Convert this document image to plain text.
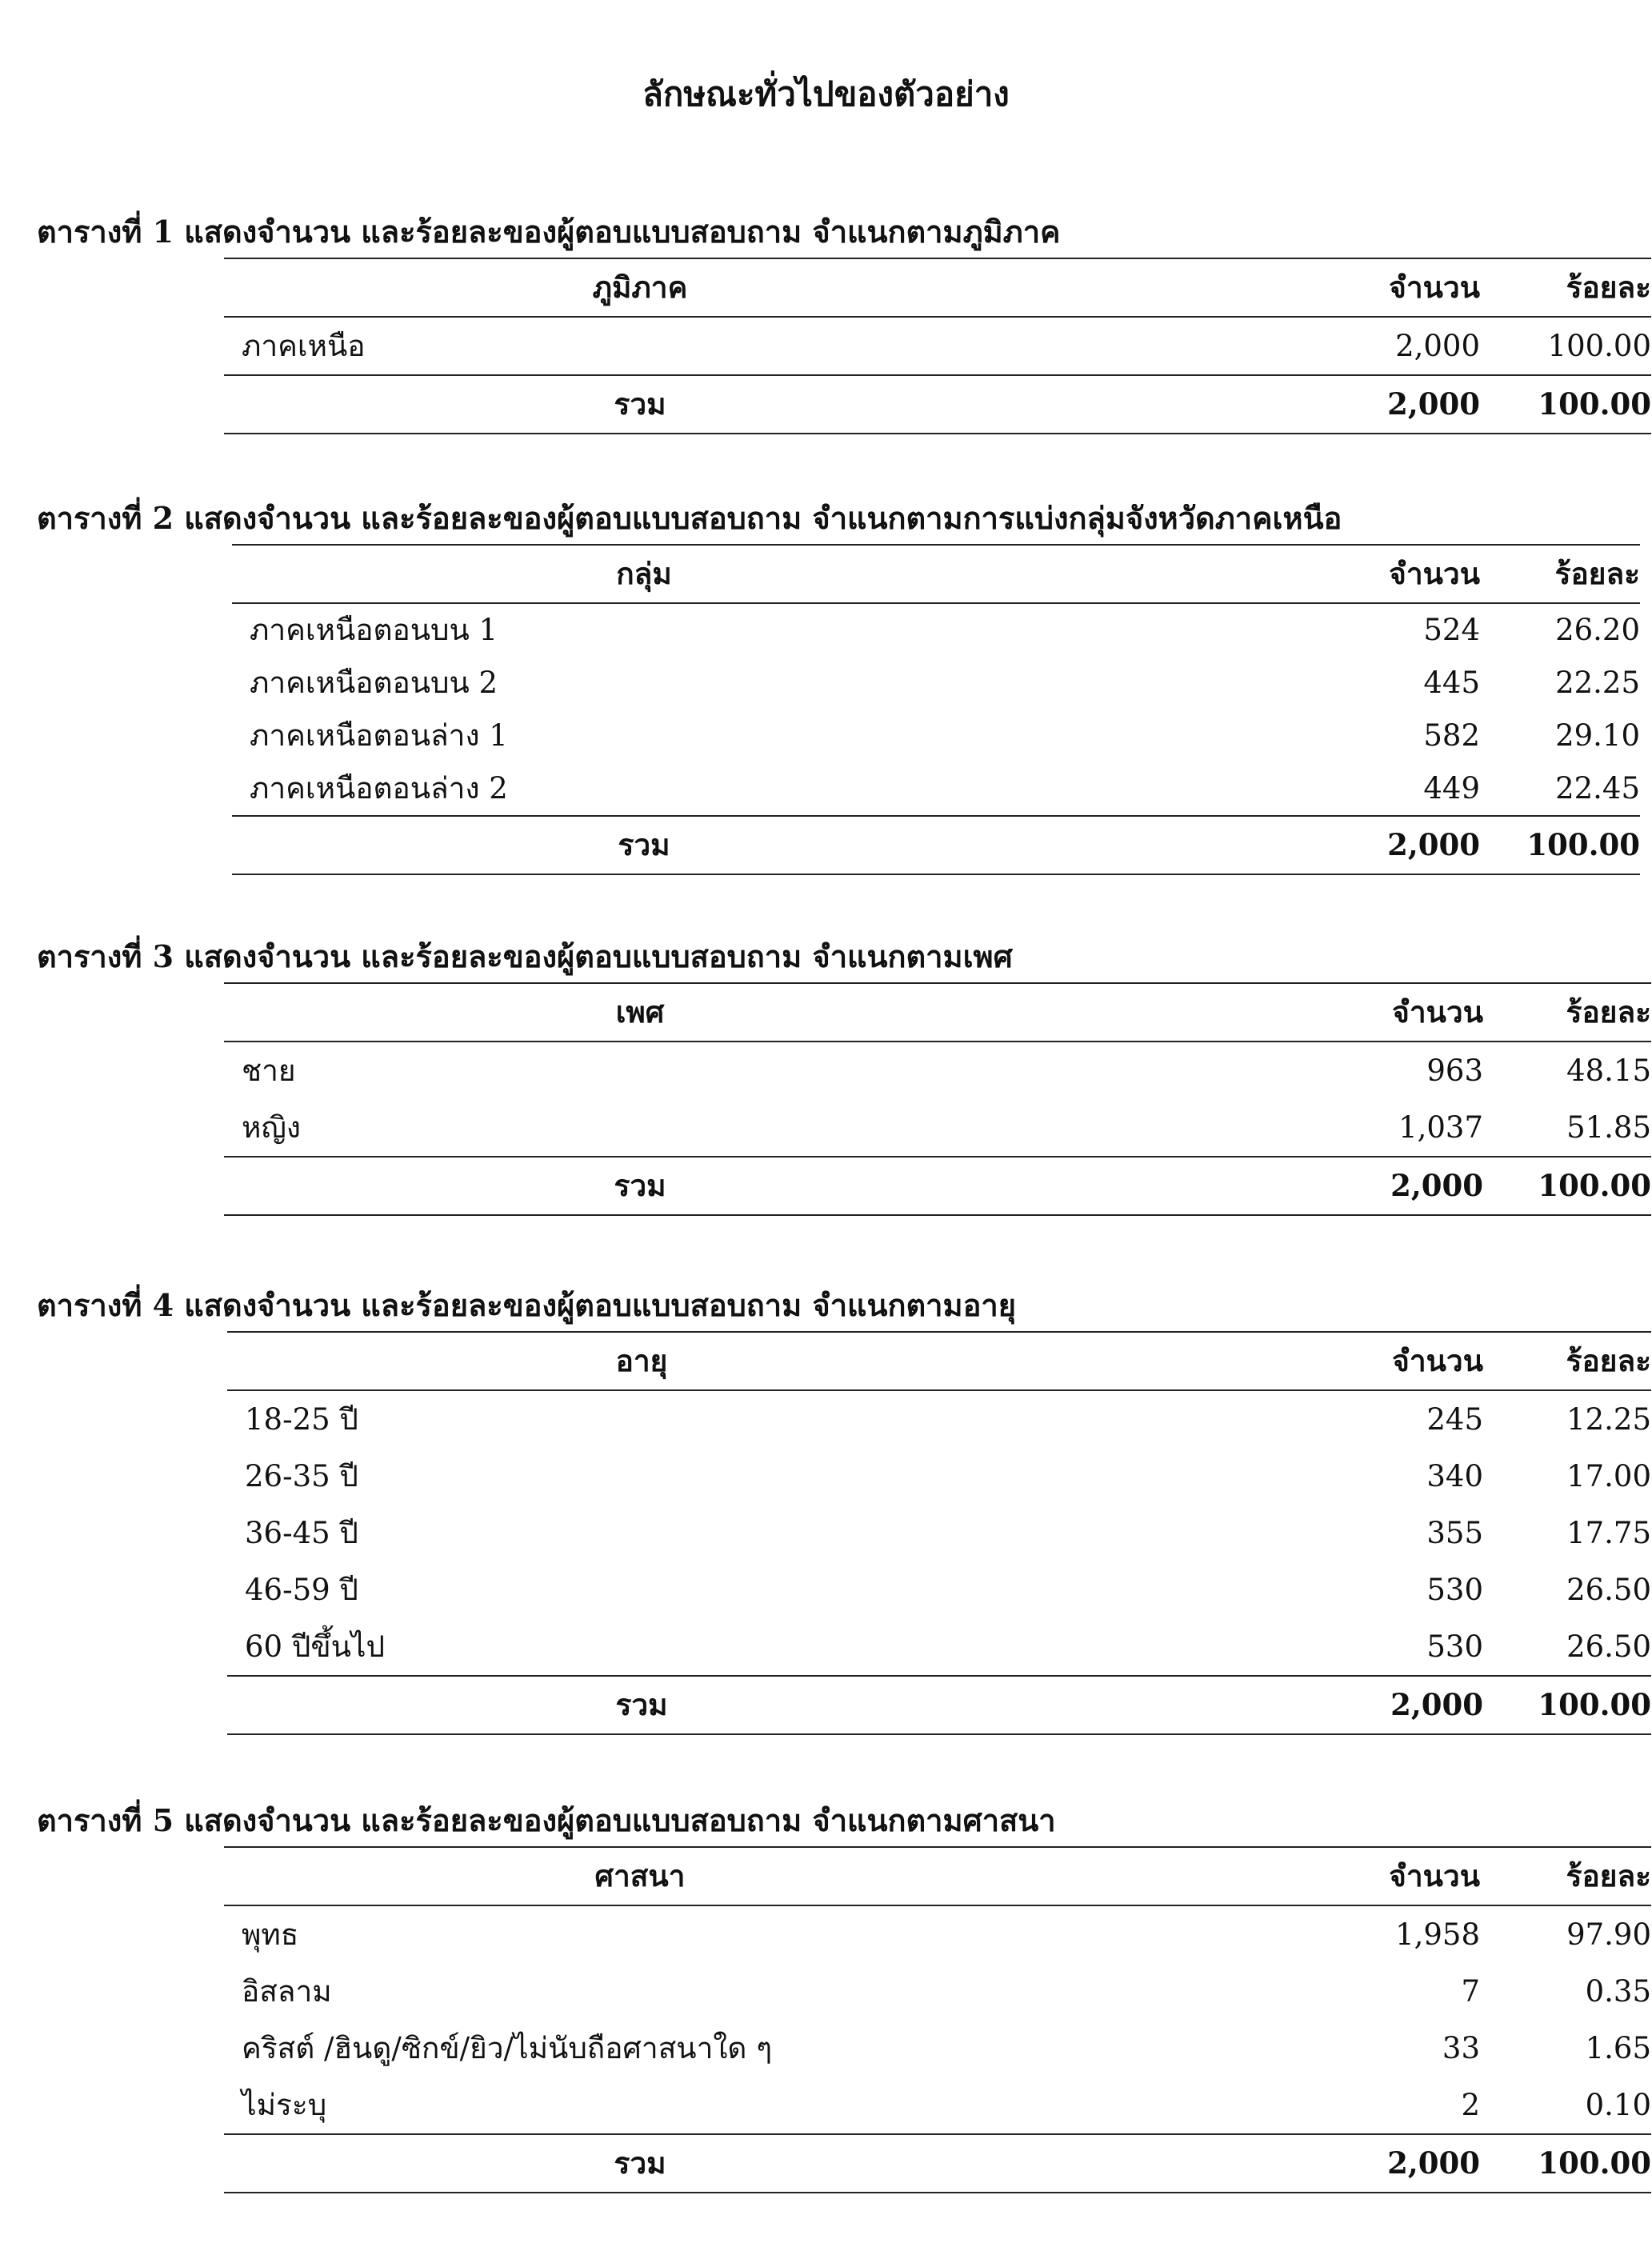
ลักษณะทั่วไปของตัวอย่าง
ตารางที่ 1 แสดงจำนวน และร้อยละของผู้ตอบแบบสอบถาม จำแนกตามภูมิภาค
ภูมิภาค	จำนวน	ร้อยละ
ภาคเหนือ	2,000	100.00
รวม	2,000	100.00
ตารางที่ 2 แสดงจำนวน และร้อยละของผู้ตอบแบบสอบถาม จำแนกตามการแบ่งกลุ่มจังหวัดภาคเหนือ
กลุ่ม	จำนวน	ร้อยละ
ภาคเหนือตอนบน 1	524	26.20
ภาคเหนือตอนบน 2	445	22.25
ภาคเหนือตอนล่าง 1	582	29.10
ภาคเหนือตอนล่าง 2	449	22.45
รวม	2,000	100.00
ตารางที่ 3 แสดงจำนวน และร้อยละของผู้ตอบแบบสอบถาม จำแนกตามเพศ
เพศ	จำนวน	ร้อยละ
ชาย	963	48.15
หญิง	1,037	51.85
รวม	2,000	100.00
ตารางที่ 4 แสดงจำนวน และร้อยละของผู้ตอบแบบสอบถาม จำแนกตามอายุ
อายุ	จำนวน	ร้อยละ
18-25 ปี	245	12.25
26-35 ปี	340	17.00
36-45 ปี	355	17.75
46-59 ปี	530	26.50
60 ปีขึ้นไป	530	26.50
รวม	2,000	100.00
ตารางที่ 5 แสดงจำนวน และร้อยละของผู้ตอบแบบสอบถาม จำแนกตามศาสนา
ศาสนา	จำนวน	ร้อยละ
พุทธ	1,958	97.90
อิสลาม	7	0.35
คริสต์ /ฮินดู/ซิกข์/ยิว/ไม่นับถือศาสนาใด ๆ	33	1.65
ไม่ระบุ	2	0.10
รวม	2,000	100.00
